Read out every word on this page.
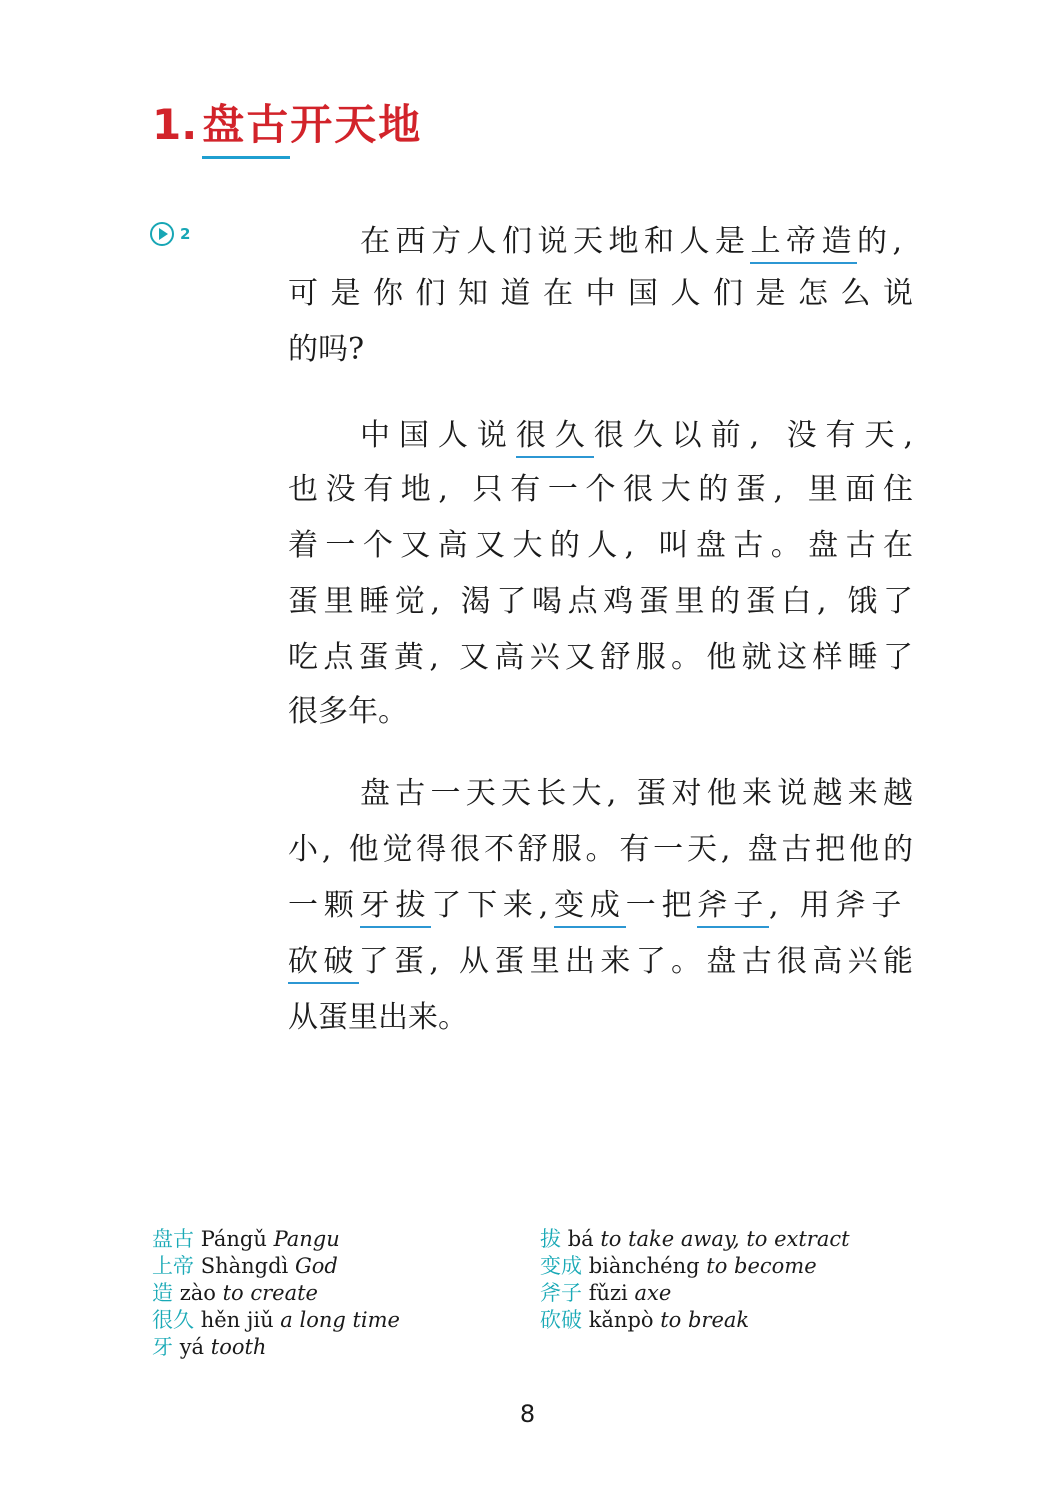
1. 盘古开天地
2	在西方人们说天地和人是上帝造的,
可 是 你 们 知 道 在 中 国 人 们 是 怎 么 说
的吗?
中国人说很久很久以前, 没有天,
也没有地, 只有一个很大的蛋, 里面住
着一个又高又大的人, 叫盘古。盘古在
蛋里睡觉, 渴了喝点鸡蛋里的蛋白, 饿了
吃点蛋黄, 又高兴又舒服。他就这样睡了
很多年。
盘古一天天长大, 蛋对他来说越来越
小, 他觉得很不舒服。有一天, 盘古把他的
一颗牙拔了下来,变成一把斧子, 用斧子
砍破了蛋, 从蛋里出来了。盘古很高兴能
从蛋里出来。
盘古 Pángǔ Pangu
上帝 Shàngdì God
造 zào to create
很久 hěn jiǔ a long time
牙 yá tooth
拔 bá to take away, to extract
变成 biànchéng to become
斧子 fǔzi axe
砍破 kǎnpò to break
8
